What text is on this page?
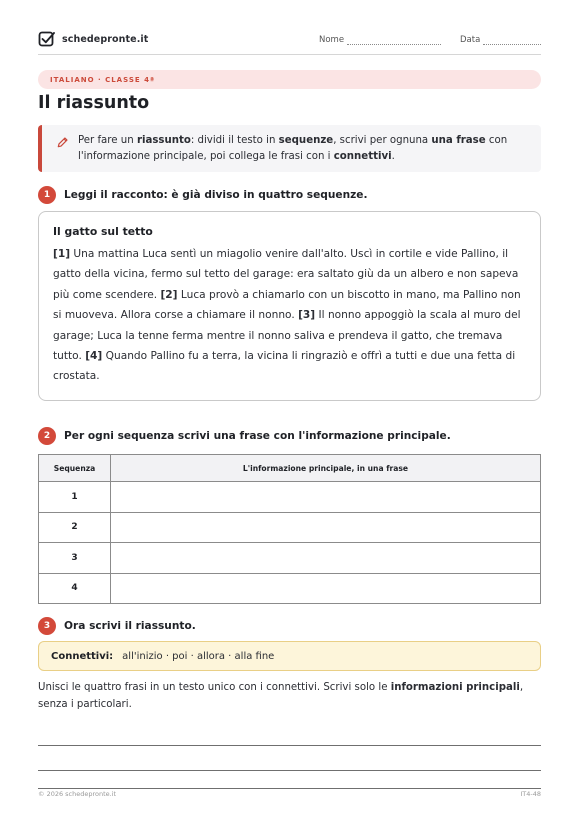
schedepronte.it	Nome	Data
ITALIANO · CLASSE 4ª
Il riassunto

Per fare un riassunto: dividi il testo in sequenze, scrivi per ognuna una frase con l'informazione principale, poi collega le frasi con i connettivi.

1	Leggi il racconto: è già diviso in quattro sequenze.
Il gatto sul tetto

[1] Una mattina Luca sentì un miagolio venire dall'alto. Uscì in cortile e vide Pallino, il gatto della vicina, fermo sul tetto del garage: era saltato giù da un albero e non sapeva più come scendere. [2] Luca provò a chiamarlo con un biscotto in mano, ma Pallino non si muoveva. Allora corse a chiamare il nonno. [3] Il nonno appoggiò la scala al muro del garage; Luca la tenne ferma mentre il nonno saliva e prendeva il gatto, che tremava tutto. [4] Quando Pallino fu a terra, la vicina li ringraziò e offrì a tutti e due una fetta di crostata.

2	Per ogni sequenza scrivi una frase con l'informazione principale.
Sequenza	L'informazione principale, in una frase
1	
2	
3	
4	
3	Ora scrivi il riassunto.
Connettivi: all'inizio · poi · allora · alla fine

Unisci le quattro frasi in un testo unico con i connettivi. Scrivi solo le informazioni principali, senza i particolari.

© 2026 schedepronte.it	IT4-48
